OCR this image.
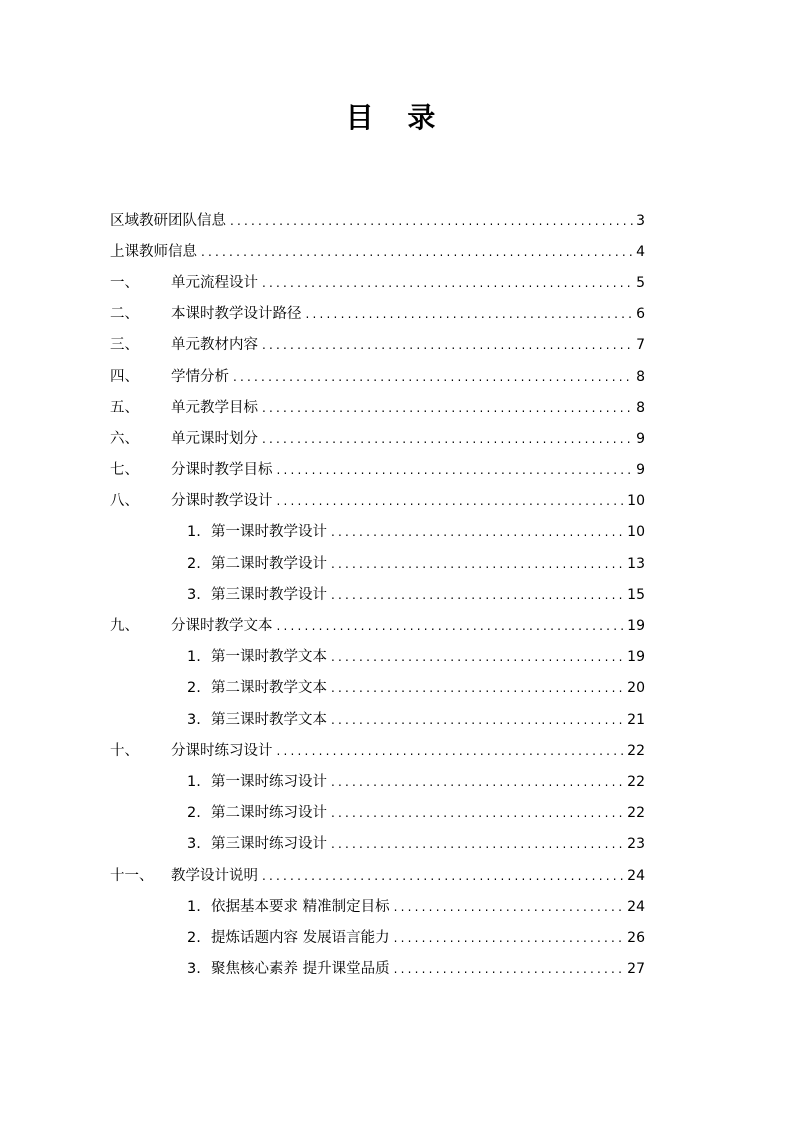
目 录
区域教研团队信息 .....	3
上课教师信息 .....	4
一、	单元流程设计 .....	5
二、	本课时教学设计路径 .....	6
三、	单元教材内容 .....	7
四、	学情分析 .....	8
五、	单元教学目标 .....	8
六、	单元课时划分 .....	9
七、	分课时教学目标 .....	9
八、	分课时教学设计 .....	10
1. 第一课时教学设计 .....	10
2. 第二课时教学设计 .....	13
3. 第三课时教学设计 .....	15
九、	分课时教学文本 .....	19
1. 第一课时教学文本 .....	19
2. 第二课时教学文本 .....	20
3. 第三课时教学文本 .....	21
十、	分课时练习设计 .....	22
1. 第一课时练习设计 .....	22
2. 第二课时练习设计 .....	22
3. 第三课时练习设计 .....	23
十一、	教学设计说明 .....	24
1. 依据基本要求 精准制定目标 .....	24
2. 提炼话题内容 发展语言能力 .....	26
3. 聚焦核心素养 提升课堂品质 .....	27
